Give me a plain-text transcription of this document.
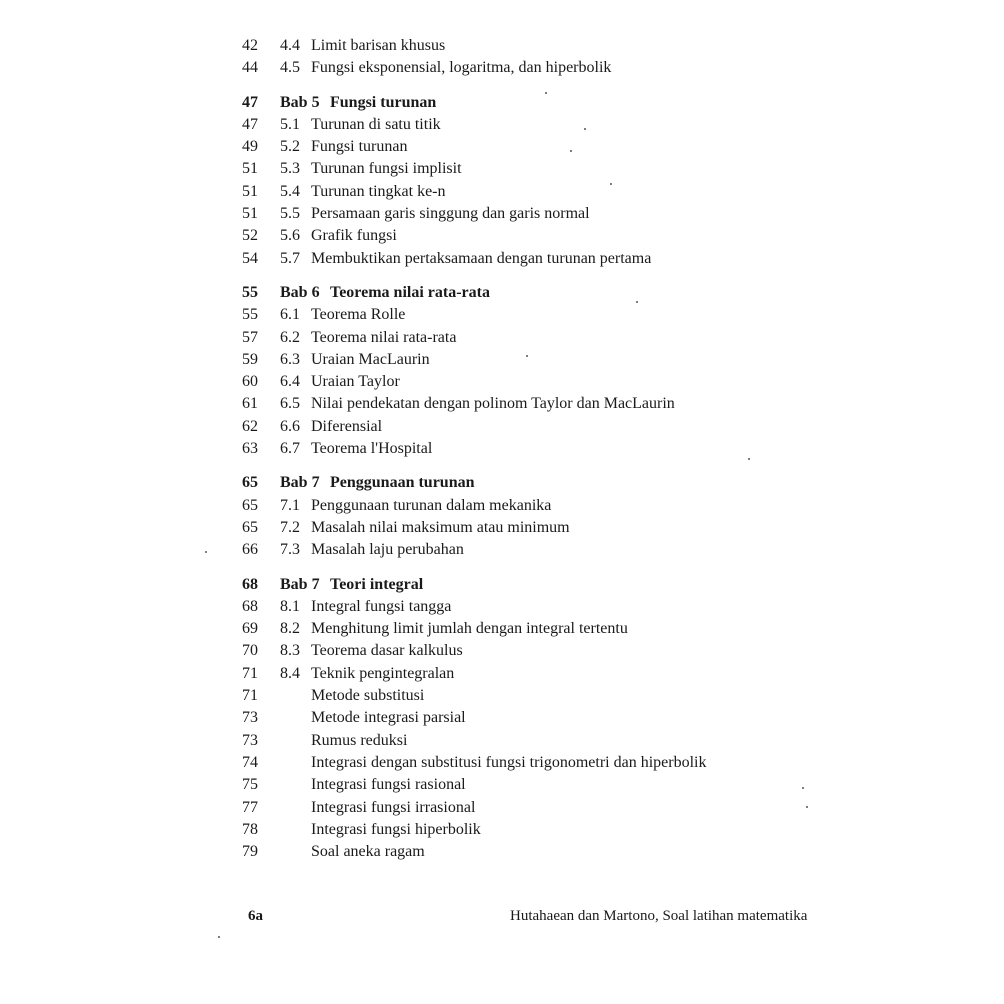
42	4.4 Limit barisan khusus
44	4.5 Fungsi eksponensial, logaritma, dan hiperbolik
47	Bab 5 Fungsi turunan
47	5.1 Turunan di satu titik
49	5.2 Fungsi turunan
51	5.3 Turunan fungsi implisit
51	5.4 Turunan tingkat ke-n
51	5.5 Persamaan garis singgung dan garis normal
52	5.6 Grafik fungsi
54	5.7 Membuktikan pertaksamaan dengan turunan pertama
55	Bab 6 Teorema nilai rata-rata
55	6.1 Teorema Rolle
57	6.2 Teorema nilai rata-rata
59	6.3 Uraian MacLaurin
60	6.4 Uraian Taylor
61	6.5 Nilai pendekatan dengan polinom Taylor dan MacLaurin
62	6.6 Diferensial
63	6.7 Teorema l'Hospital
65	Bab 7 Penggunaan turunan
65	7.1 Penggunaan turunan dalam mekanika
65	7.2 Masalah nilai maksimum atau minimum
66	7.3 Masalah laju perubahan
68	Bab 7 Teori integral
68	8.1 Integral fungsi tangga
69	8.2 Menghitung limit jumlah dengan integral tertentu
70	8.3 Teorema dasar kalkulus
71	8.4 Teknik pengintegralan
71	Metode substitusi
73	Metode integrasi parsial
73	Rumus reduksi
74	Integrasi dengan substitusi fungsi trigonometri dan hiperbolik
75	Integrasi fungsi rasional
77	Integrasi fungsi irrasional
78	Integrasi fungsi hiperbolik
79	Soal aneka ragam
6a	Hutahaean dan Martono, Soal latihan matematika
